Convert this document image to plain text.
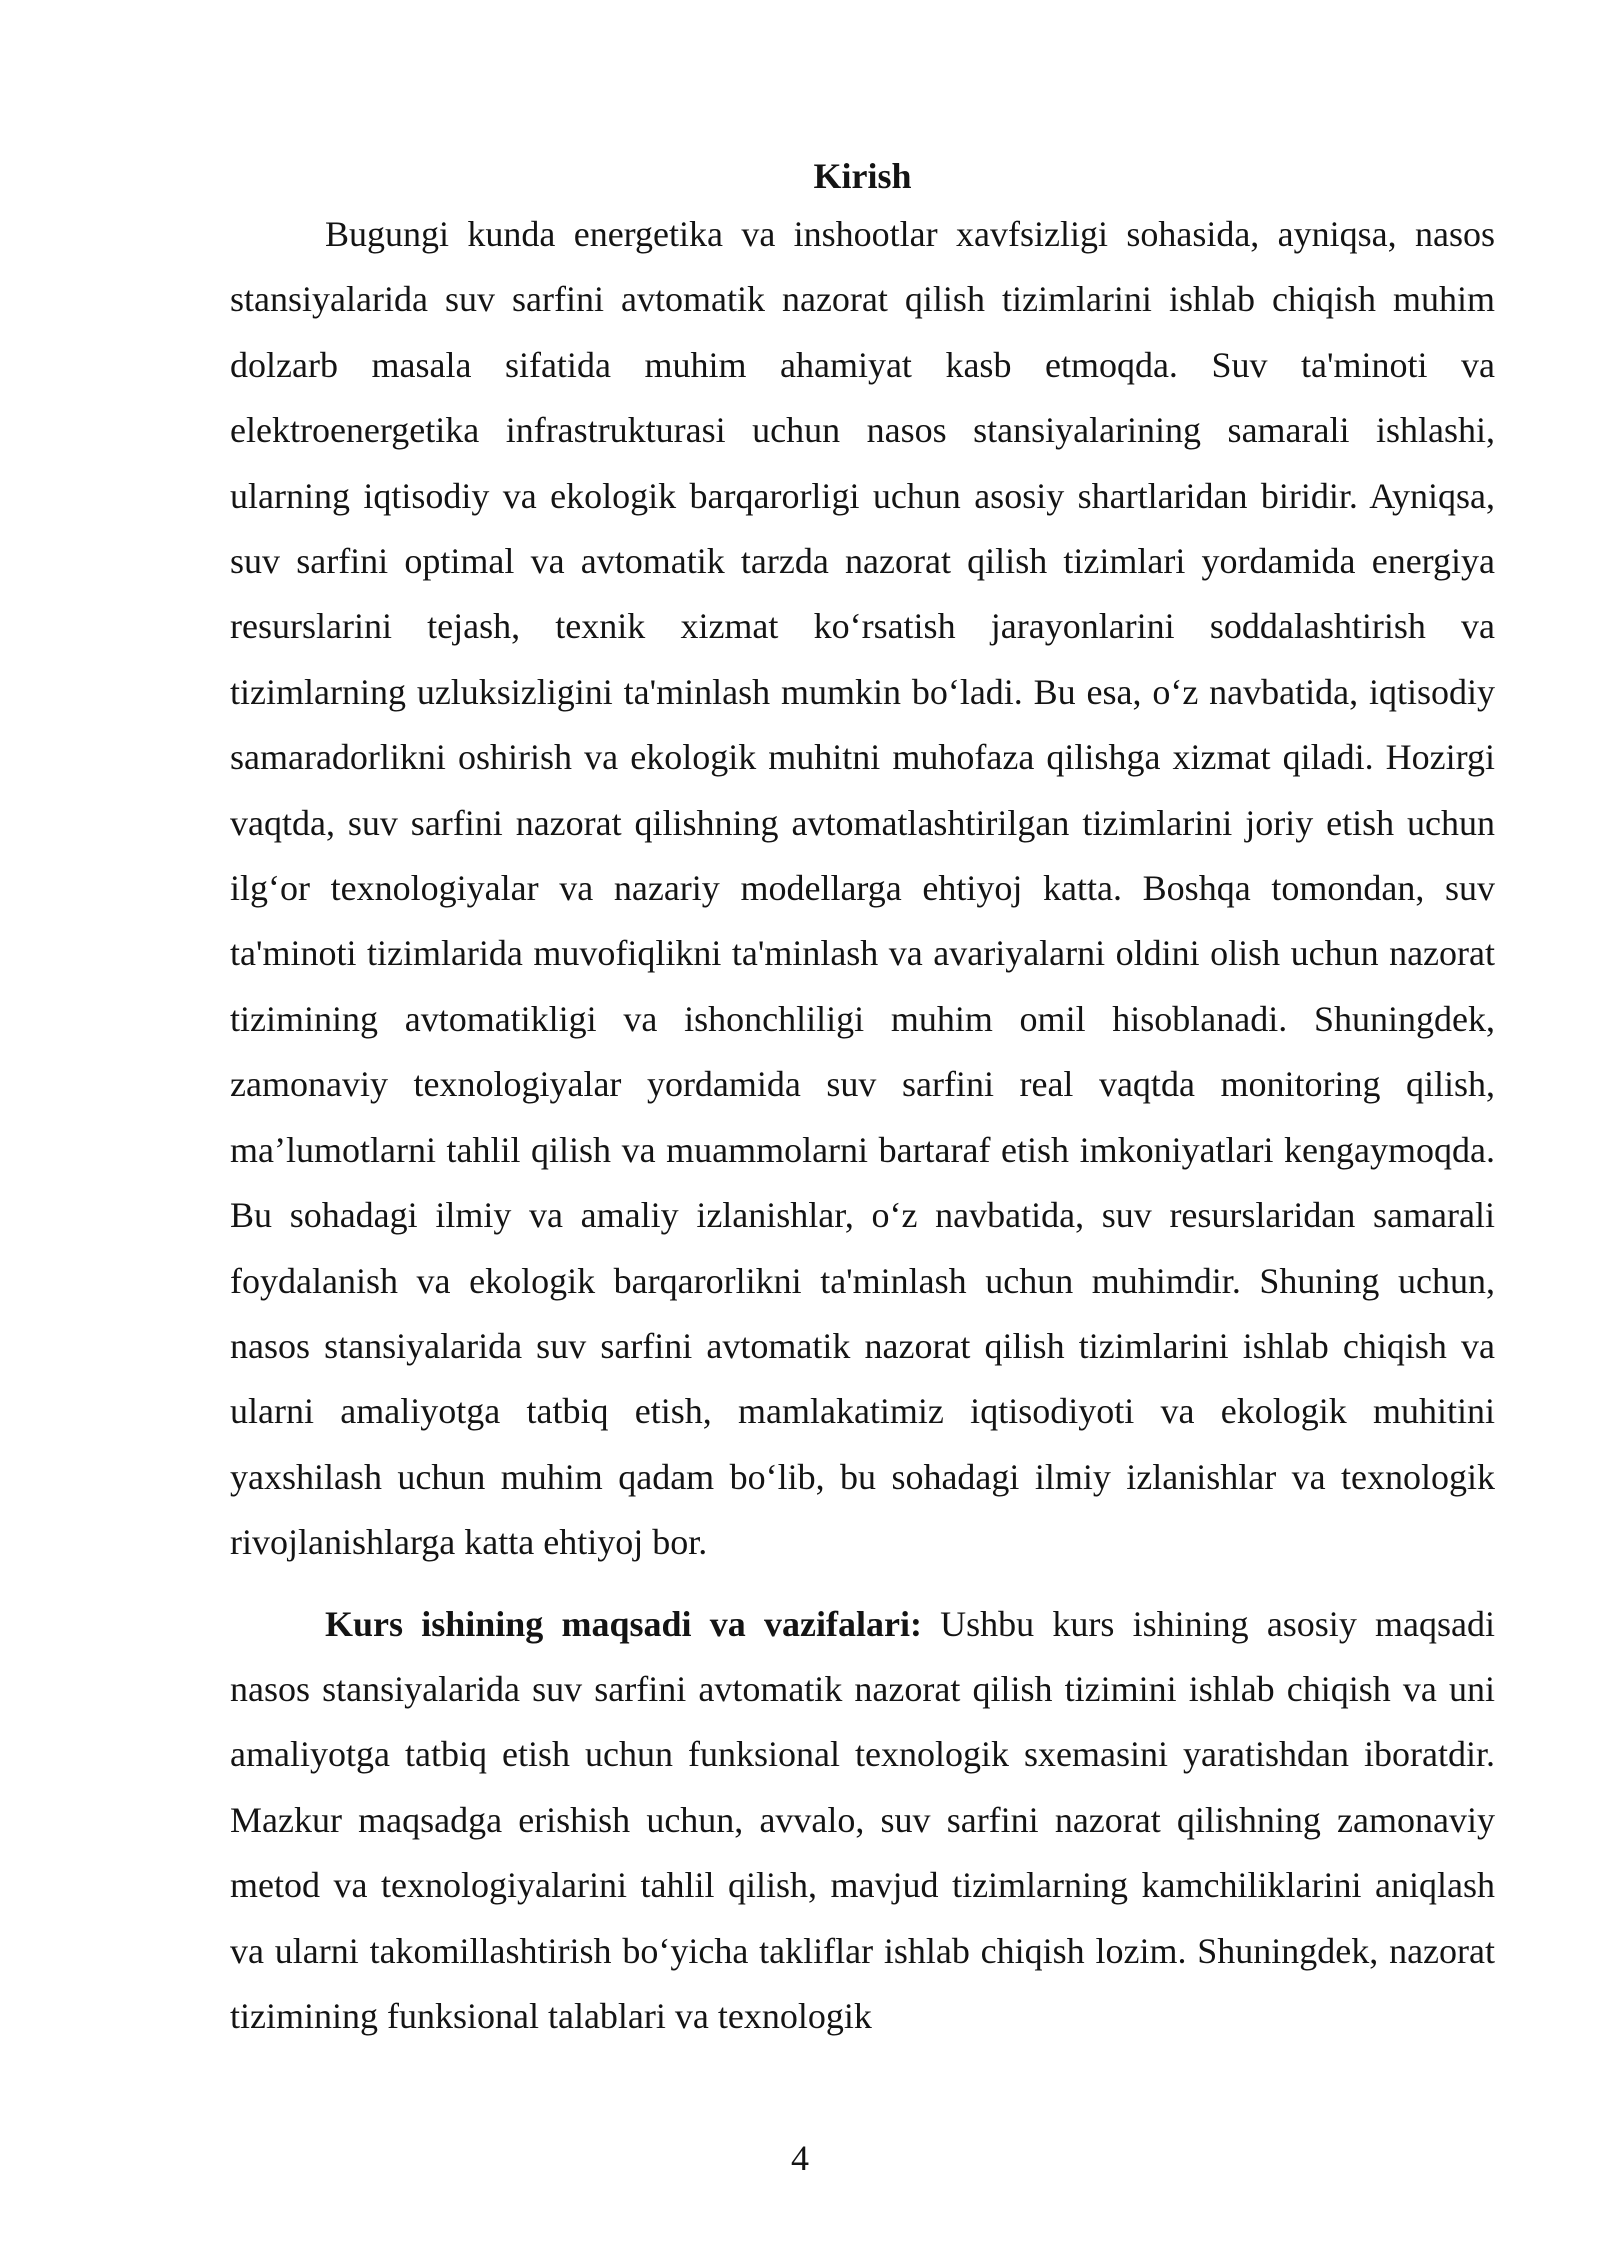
Kirish

Bugungi kunda energetika va inshootlar xavfsizligi sohasida, ayniqsa, nasos stansiyalarida suv sarfini avtomatik nazorat qilish tizimlarini ishlab chiqish muhim dolzarb masala sifatida muhim ahamiyat kasb etmoqda. Suv ta'minoti va elektroenergetika infrastrukturasi uchun nasos stansiyalarining samarali ishlashi, ularning iqtisodiy va ekologik barqarorligi uchun asosiy shartlaridan biridir. Ayniqsa, suv sarfini optimal va avtomatik tarzda nazorat qilish tizimlari yordamida energiya resurslarini tejash, texnik xizmat ko‘rsatish jarayonlarini soddalashtirish va tizimlarning uzluksizligini ta'minlash mumkin bo‘ladi. Bu esa, o‘z navbatida, iqtisodiy samaradorlikni oshirish va ekologik muhitni muhofaza qilishga xizmat qiladi. Hozirgi vaqtda, suv sarfini nazorat qilishning avtomatlashtirilgan tizimlarini joriy etish uchun ilg‘or texnologiyalar va nazariy modellarga ehtiyoj katta. Boshqa tomondan, suv ta'minoti tizimlarida muvofiqlikni ta'minlash va avariyalarni oldini olish uchun nazorat tizimining avtomatikligi va ishonchliligi muhim omil hisoblanadi. Shuningdek, zamonaviy texnologiyalar yordamida suv sarfini real vaqtda monitoring qilish, ma’lumotlarni tahlil qilish va muammolarni bartaraf etish imkoniyatlari kengaymoqda. Bu sohadagi ilmiy va amaliy izlanishlar, o‘z navbatida, suv resurslaridan samarali foydalanish va ekologik barqarorlikni ta'minlash uchun muhimdir. Shuning uchun, nasos stansiyalarida suv sarfini avtomatik nazorat qilish tizimlarini ishlab chiqish va ularni amaliyotga tatbiq etish, mamlakatimiz iqtisodiyoti va ekologik muhitini yaxshilash uchun muhim qadam bo‘lib, bu sohadagi ilmiy izlanishlar va texnologik rivojlanishlarga katta ehtiyoj bor.

Kurs ishining maqsadi va vazifalari: Ushbu kurs ishining asosiy maqsadi nasos stansiyalarida suv sarfini avtomatik nazorat qilish tizimini ishlab chiqish va uni amaliyotga tatbiq etish uchun funksional texnologik sxemasini yaratishdan iboratdir. Mazkur maqsadga erishish uchun, avvalo, suv sarfini nazorat qilishning zamonaviy metod va texnologiyalarini tahlil qilish, mavjud tizimlarning kamchiliklarini aniqlash va ularni takomillashtirish bo‘yicha takliflar ishlab chiqish lozim. Shuningdek, nazorat tizimining funksional talablari va texnologik

4
